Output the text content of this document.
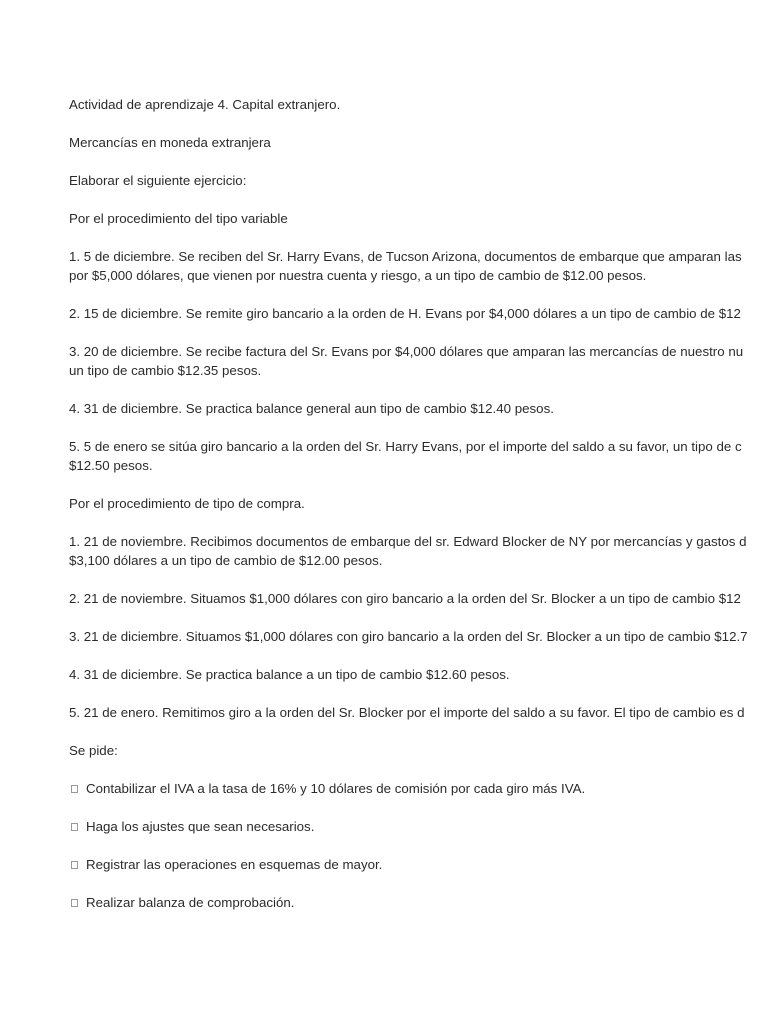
Actividad de aprendizaje 4. Capital extranjero.
Mercancías en moneda extranjera
Elaborar el siguiente ejercicio:
Por el procedimiento del tipo variable
1. 5 de diciembre. Se reciben del Sr. Harry Evans, de Tucson Arizona, documentos de embarque que amparan las
por $5,000 dólares, que vienen por nuestra cuenta y riesgo, a un tipo de cambio de $12.00 pesos.
2. 15 de diciembre. Se remite giro bancario a la orden de H. Evans por $4,000 dólares a un tipo de cambio de $12
3. 20 de diciembre. Se recibe factura del Sr. Evans por $4,000 dólares que amparan las mercancías de nuestro nu
un tipo de cambio $12.35 pesos.
4. 31 de diciembre. Se practica balance general aun tipo de cambio $12.40 pesos.
5. 5 de enero se sitúa giro bancario a la orden del Sr. Harry Evans, por el importe del saldo a su favor, un tipo de c
$12.50 pesos.
Por el procedimiento de tipo de compra.
1. 21 de noviembre. Recibimos documentos de embarque del sr. Edward Blocker de NY por mercancías y gastos d
$3,100 dólares a un tipo de cambio de $12.00 pesos.
2. 21 de noviembre. Situamos $1,000 dólares con giro bancario a la orden del Sr. Blocker a un tipo de cambio $12
3. 21 de diciembre. Situamos $1,000 dólares con giro bancario a la orden del Sr. Blocker a un tipo de cambio $12.7
4. 31 de diciembre. Se practica balance a un tipo de cambio $12.60 pesos.
5. 21 de enero. Remitimos giro a la orden del Sr. Blocker por el importe del saldo a su favor. El tipo de cambio es d
Se pide:
Contabilizar el IVA a la tasa de 16% y 10 dólares de comisión por cada giro más IVA.
Haga los ajustes que sean necesarios.
Registrar las operaciones en esquemas de mayor.
Realizar balanza de comprobación.
